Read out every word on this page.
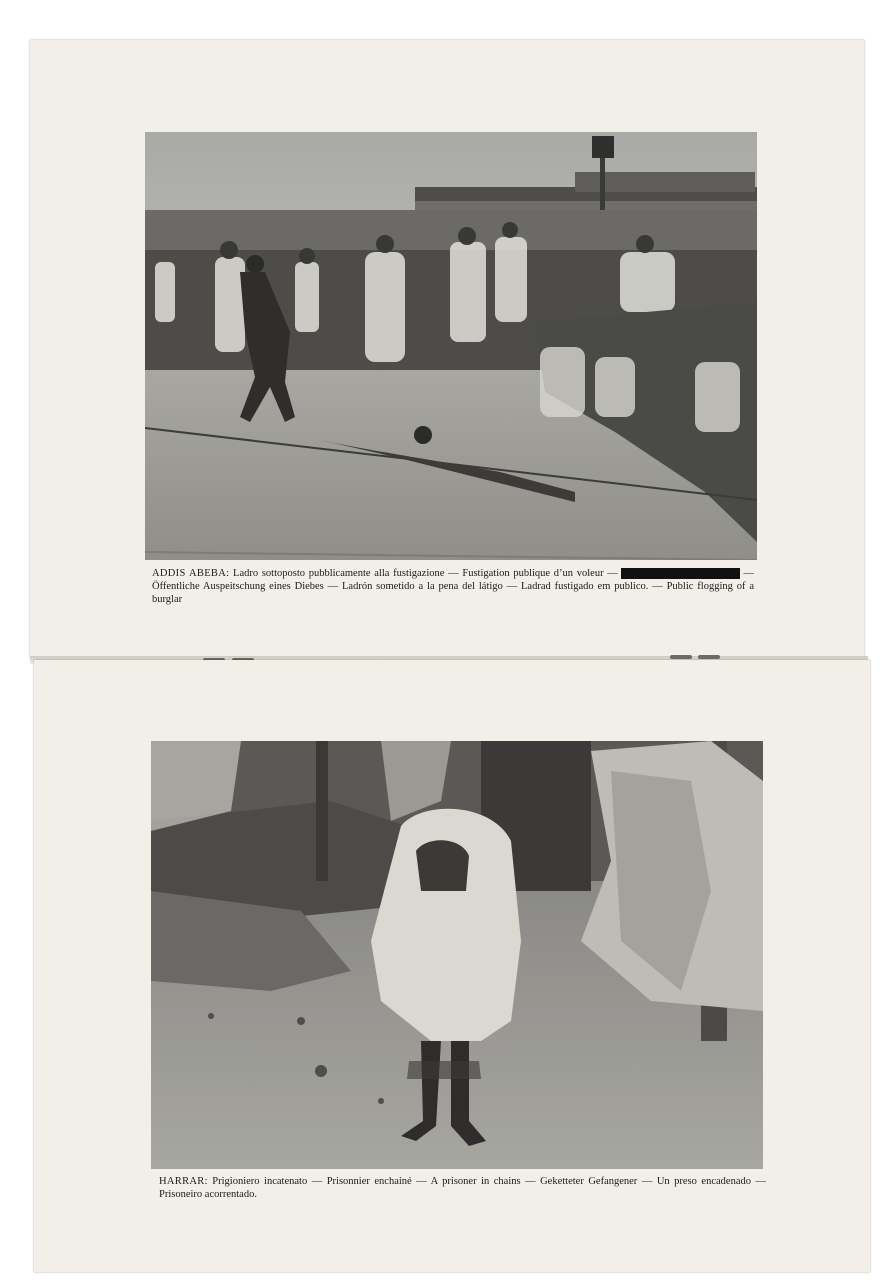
ADDIS ABEBA: Ladro sottoposto pubblicamente alla fustigazione — Fustigation publique d’un voleur — A burglar publicly whipped — Öffentliche Auspeitschung eines Diebes — Ladrón sometido a la pena del látigo — Ladrad fustigado em publico. — Public flogging of a burglar
HARRAR: Prigioniero incatenato — Prisonnier enchainé — A prisoner in chains — Geketteter Gefangener — Un preso encadenado — Prisoneiro acorrentado.
